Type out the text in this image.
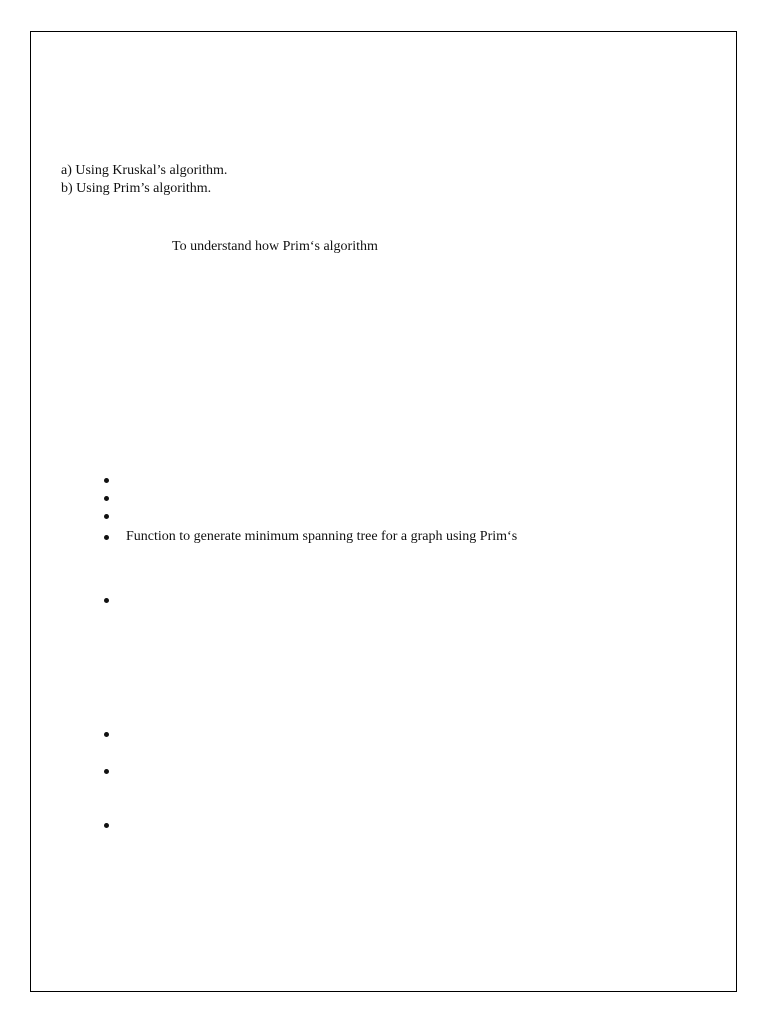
a) Using Kruskal’s algorithm.
b) Using Prim’s algorithm.
To understand how Prim‘s algorithm
Function to generate minimum spanning tree for a graph using Prim‘s
